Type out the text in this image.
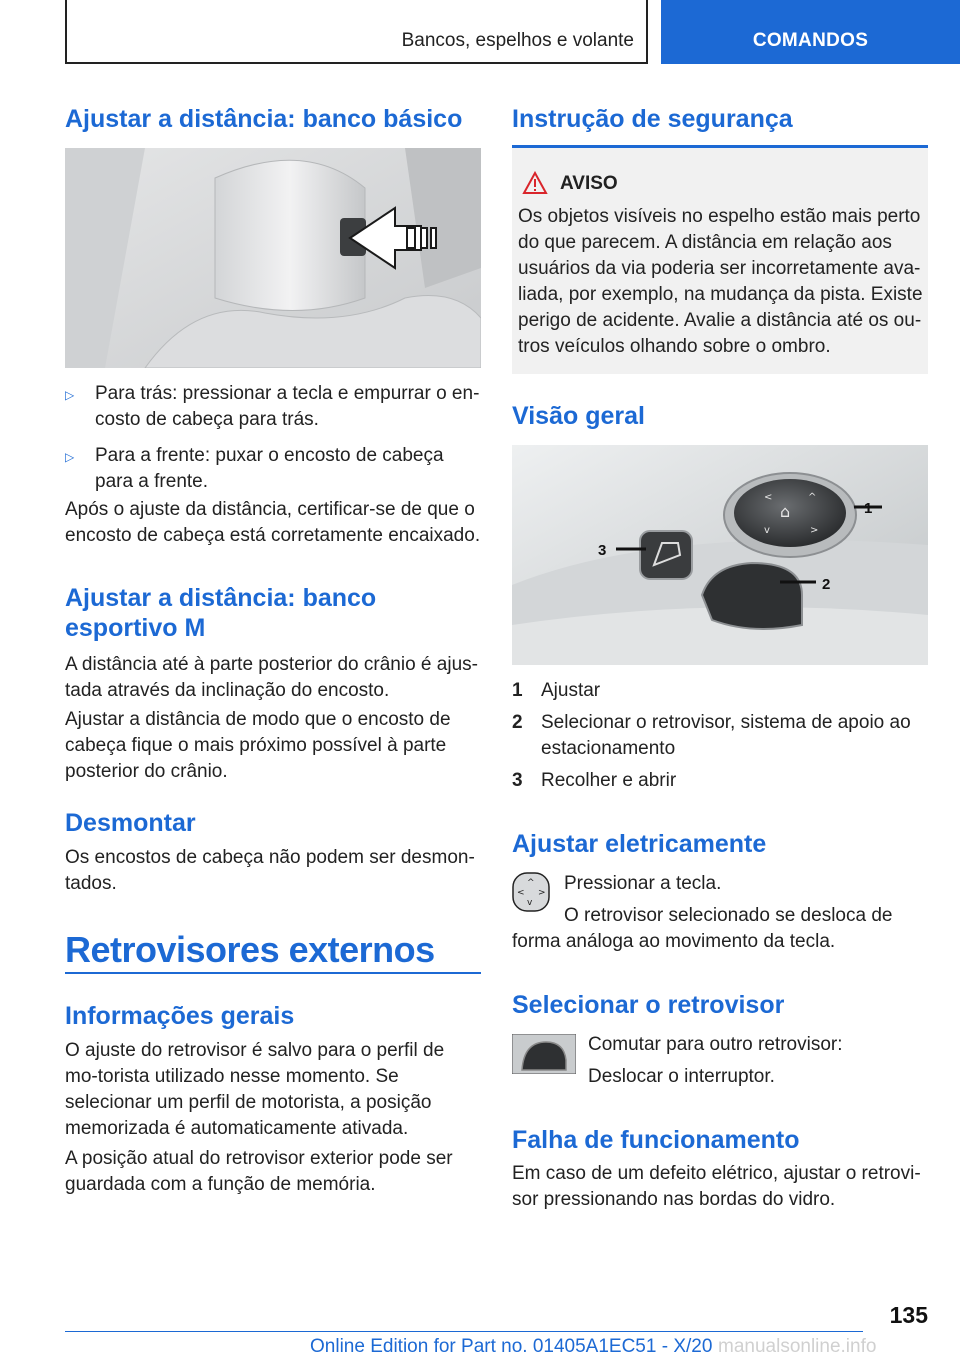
Bancos, espelhos e volante	COMANDOS
Ajustar a distância: banco básico
▷	Para trás: pressionar a tecla e empurrar o en-costo de cabeça para trás.
▷	Para a frente: puxar o encosto de cabeça para a frente.
Após o ajuste da distância, certificar-se de que o encosto de cabeça está corretamente encaixado.
Ajustar a distância: banco esportivo M
A distância até à parte posterior do crânio é ajus-tada através da inclinação do encosto.
Ajustar a distância de modo que o encosto de cabeça fique o mais próximo possível à parte posterior do crânio.
Desmontar
Os encostos de cabeça não podem ser desmon-tados.
Retrovisores externos
Informações gerais
O ajuste do retrovisor é salvo para o perfil de mo-torista utilizado nesse momento. Se selecionar um perfil de motorista, a posição memorizada é automaticamente ativada.
A posição atual do retrovisor exterior pode ser guardada com a função de memória.
Instrução de segurança
AVISO
Os objetos visíveis no espelho estão mais perto do que parecem. A distância em relação aos usuários da via poderia ser incorretamente ava-liada, por exemplo, na mudança da pista. Existe perigo de acidente. Avalie a distância até os ou-tros veículos olhando sobre o ombro.
Visão geral
⌂
<	^
v	>
1
2
3
1 Ajustar
2 Selecionar o retrovisor, sistema de apoio ao estacionamento
3 Recolher e abrir
Ajustar eletricamente
^
v
< > Pressionar a tecla.
O retrovisor selecionado se desloca de forma análoga ao movimento da tecla.
Selecionar o retrovisor
Comutar para outro retrovisor:
Deslocar o interruptor.
Falha de funcionamento
Em caso de um defeito elétrico, ajustar o retrovi-sor pressionando nas bordas do vidro.
135
Online Edition for Part no. 01405A1EC51 - X/20 manualsonline.info
